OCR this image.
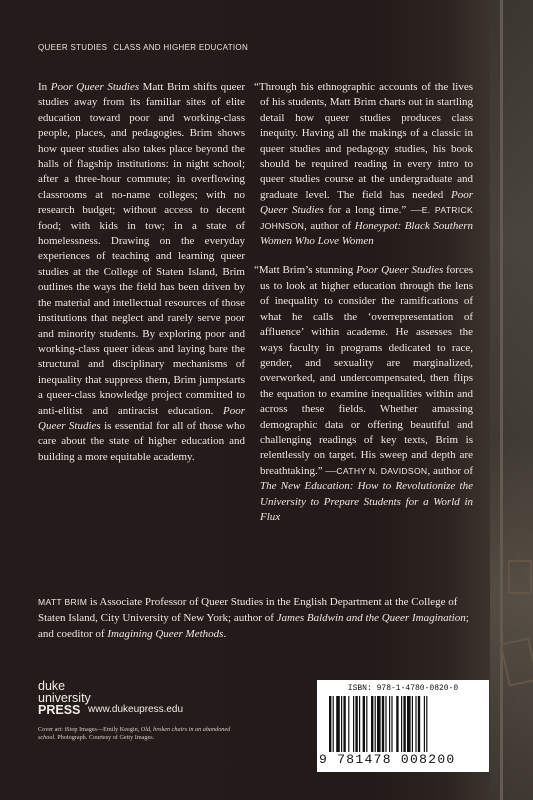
QUEER STUDIES CLASS AND HIGHER EDUCATION

In Poor Queer Studies Matt Brim shifts queer studies away from its familiar sites of elite education toward poor and working-class people, places, and pedagogies. Brim shows how queer studies also takes place beyond the halls of flagship institutions: in night school; after a three-hour commute; in overflowing classrooms at no-name colleges; with no research budget; without access to decent food; with kids in tow; in a state of homelessness. Drawing on the everyday experiences of teaching and learning queer studies at the College of Staten Island, Brim outlines the ways the field has been driven by the material and intellectual resources of those institutions that neglect and rarely serve poor and minority students. By exploring poor and working-class queer ideas and laying bare the structural and disciplinary mechanisms of inequality that suppress them, Brim jumpstarts a queer-class knowledge project committed to anti-elitist and antiracist education. Poor Queer Studies is essential for all of those who care about the state of higher education and building a more equitable academy.

“Through his ethnographic accounts of the lives of his students, Matt Brim charts out in startling detail how queer studies produces class inequity. Having all the makings of a classic in queer studies and pedagogy studies, his book should be required reading in every intro to queer studies course at the undergraduate and graduate level. The field has needed Poor Queer Studies for a long time.” —E. PATRICK JOHNSON, author of Honeypot: Black Southern Women Who Love Women

“Matt Brim’s stunning Poor Queer Studies forces us to look at higher education through the lens of inequality to consider the ramifications of what he calls the ‘overrepresentation of affluence’ within academe. He assesses the ways faculty in programs dedicated to race, gender, and sexuality are marginalized, overworked, and undercompensated, then flips the equation to examine inequalities within and across these fields. Whether amassing demographic data or offering beautiful and challenging readings of key texts, Brim is relentlessly on target. His sweep and depth are breathtaking.” —CATHY N. DAVIDSON, author of The New Education: How to Revolutionize the University to Prepare Students for a World in Flux

MATT BRIM is Associate Professor of Queer Studies in the English Department at the College of Staten Island, City University of New York; author of James Baldwin and the Queer Imagination; and coeditor of Imagining Queer Methods.
duke
university
PRESS www.dukeupress.edu
Cover art: iStop Images—Emily Keegin, Old, broken chairs in an abandoned school. Photograph. Courtesy of Getty Images.
ISBN: 978-1-4780-0820-0
9 781478 008200
